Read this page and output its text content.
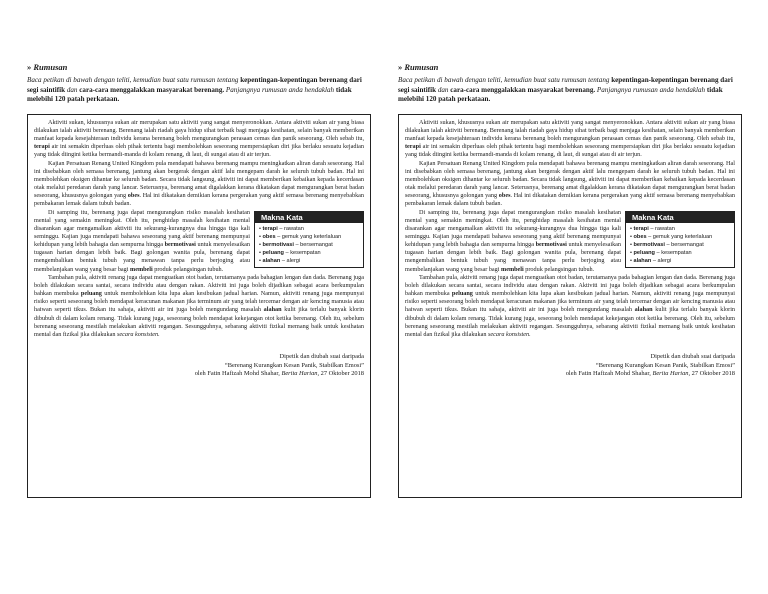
» Rumusan

Baca petikan di bawah dengan teliti, kemudian buat satu rumusan tentang kepentingan-kepentingan berenang dari segi saintifik dan cara-cara menggalakkan masyarakat berenang. Panjangnya rumusan anda hendaklah tidak melebihi 120 patah perkataan.

Aktiviti sukan, khususnya sukan air merupakan satu aktiviti yang sangat menyeronokkan. Antara aktiviti sukan air yang biasa dilakukan ialah aktiviti berenang. Berenang ialah riadah gaya hidup sihat terbaik bagi menjaga kesihatan, selain banyak memberikan manfaat kepada kesejahteraan individu kerana berenang boleh mengurangkan perasaan cemas dan panik seseorang. Oleh sebab itu, terapi air ini semakin diperluas oleh pihak tertentu bagi membolehkan seseorang mempersiapkan diri jika berlaku sesuatu kejadian yang tidak diingini ketika bermandi-manda di kolam renang, di laut, di sungai atau di air terjun.

Kajian Persatuan Renang United Kingdom pula mendapati bahawa berenang mampu meningkatkan aliran darah seseorang. Hal ini disebabkan oleh semasa berenang, jantung akan bergerak dengan aktif lalu mengepam darah ke seluruh tubuh badan. Hal ini membolehkan oksigen dihantar ke seluruh badan. Secara tidak langsung, aktiviti ini dapat memberikan kebaikan kepada kecerdasan otak melalui peredaran darah yang lancar. Seterusnya, berenang amat digalakkan kerana dikatakan dapat mengurangkan berat badan seseorang, khususnya golongan yang obes. Hal ini dikatakan demikian kerana pergerakan yang aktif semasa berenang menyebabkan pembakaran lemak dalam tubuh badan.

Makna Kata
• terapi – rawatan
• obes – gemuk yang keterlaluan
• bermotivasi – bersemangat
• peluang – kesempatan
• alahan – alergi

Di samping itu, berenang juga dapat mengurangkan risiko masalah kesihatan mental yang semakin meningkat. Oleh itu, penghidap masalah kesihatan mental disarankan agar mengamalkan aktiviti itu sekurang-kurangnya dua hingga tiga kali seminggu. Kajian juga mendapati bahawa seseorang yang aktif berenang mempunyai kehidupan yang lebih bahagia dan sempurna hingga bermotivasi untuk menyelesaikan tugasan harian dengan lebih baik. Bagi golongan wanita pula, berenang dapat mengembalikan bentuk tubuh yang menawan tanpa perlu berjoging atau membelanjakan wang yang besar bagi membeli produk pelangsingan tubuh.

Tambahan pula, aktiviti renang juga dapat menguatkan otot badan, terutamanya pada bahagian lengan dan dada. Berenang juga boleh dilakukan secara santai, secara individu atau dengan rakan. Aktiviti ini juga boleh dijadikan sebagai acara berkumpulan bahkan membuka peluang untuk membolehkan kita lupa akan kesibukan jadual harian. Namun, aktiviti renang juga mempunyai risiko seperti seseorang boleh mendapat keracunan makanan jika terminum air yang telah tercemar dengan air kencing manusia atau haiwan seperti tikus. Bukan itu sahaja, aktiviti air ini juga boleh mengundang masalah alahan kulit jika terlalu banyak klorin dibubuh di dalam kolam renang. Tidak kurang juga, seseorang boleh mendapat kekejangan otot ketika berenang. Oleh itu, sebelum berenang seseorang mestilah melakukan aktiviti regangan. Sesungguhnya, sebarang aktiviti fizikal memang baik untuk kesihatan mental dan fizikal jika dilakukan secara konsisten.

Dipetik dan diubah suai daripada
“Berenang Kurangkan Kesan Panik, Stabilkan Emosi”
oleh Fatin Hafizah Mohd Shahar, Berita Harian, 27 Oktober 2018
» Rumusan

Baca petikan di bawah dengan teliti, kemudian buat satu rumusan tentang kepentingan-kepentingan berenang dari segi saintifik dan cara-cara menggalakkan masyarakat berenang. Panjangnya rumusan anda hendaklah tidak melebihi 120 patah perkataan.

Aktiviti sukan, khususnya sukan air merupakan satu aktiviti yang sangat menyeronokkan. Antara aktiviti sukan air yang biasa dilakukan ialah aktiviti berenang. Berenang ialah riadah gaya hidup sihat terbaik bagi menjaga kesihatan, selain banyak memberikan manfaat kepada kesejahteraan individu kerana berenang boleh mengurangkan perasaan cemas dan panik seseorang. Oleh sebab itu, terapi air ini semakin diperluas oleh pihak tertentu bagi membolehkan seseorang mempersiapkan diri jika berlaku sesuatu kejadian yang tidak diingini ketika bermandi-manda di kolam renang, di laut, di sungai atau di air terjun.

Kajian Persatuan Renang United Kingdom pula mendapati bahawa berenang mampu meningkatkan aliran darah seseorang. Hal ini disebabkan oleh semasa berenang, jantung akan bergerak dengan aktif lalu mengepam darah ke seluruh tubuh badan. Hal ini membolehkan oksigen dihantar ke seluruh badan. Secara tidak langsung, aktiviti ini dapat memberikan kebaikan kepada kecerdasan otak melalui peredaran darah yang lancar. Seterusnya, berenang amat digalakkan kerana dikatakan dapat mengurangkan berat badan seseorang, khususnya golongan yang obes. Hal ini dikatakan demikian kerana pergerakan yang aktif semasa berenang menyebabkan pembakaran lemak dalam tubuh badan.

Makna Kata
• terapi – rawatan
• obes – gemuk yang keterlaluan
• bermotivasi – bersemangat
• peluang – kesempatan
• alahan – alergi

Di samping itu, berenang juga dapat mengurangkan risiko masalah kesihatan mental yang semakin meningkat. Oleh itu, penghidap masalah kesihatan mental disarankan agar mengamalkan aktiviti itu sekurang-kurangnya dua hingga tiga kali seminggu. Kajian juga mendapati bahawa seseorang yang aktif berenang mempunyai kehidupan yang lebih bahagia dan sempurna hingga bermotivasi untuk menyelesaikan tugasan harian dengan lebih baik. Bagi golongan wanita pula, berenang dapat mengembalikan bentuk tubuh yang menawan tanpa perlu berjoging atau membelanjakan wang yang besar bagi membeli produk pelangsingan tubuh.

Tambahan pula, aktiviti renang juga dapat menguatkan otot badan, terutamanya pada bahagian lengan dan dada. Berenang juga boleh dilakukan secara santai, secara individu atau dengan rakan. Aktiviti ini juga boleh dijadikan sebagai acara berkumpulan bahkan membuka peluang untuk membolehkan kita lupa akan kesibukan jadual harian. Namun, aktiviti renang juga mempunyai risiko seperti seseorang boleh mendapat keracunan makanan jika terminum air yang telah tercemar dengan air kencing manusia atau haiwan seperti tikus. Bukan itu sahaja, aktiviti air ini juga boleh mengundang masalah alahan kulit jika terlalu banyak klorin dibubuh di dalam kolam renang. Tidak kurang juga, seseorang boleh mendapat kekejangan otot ketika berenang. Oleh itu, sebelum berenang seseorang mestilah melakukan aktiviti regangan. Sesungguhnya, sebarang aktiviti fizikal memang baik untuk kesihatan mental dan fizikal jika dilakukan secara konsisten.

Dipetik dan diubah suai daripada
“Berenang Kurangkan Kesan Panik, Stabilkan Emosi”
oleh Fatin Hafizah Mohd Shahar, Berita Harian, 27 Oktober 2018
